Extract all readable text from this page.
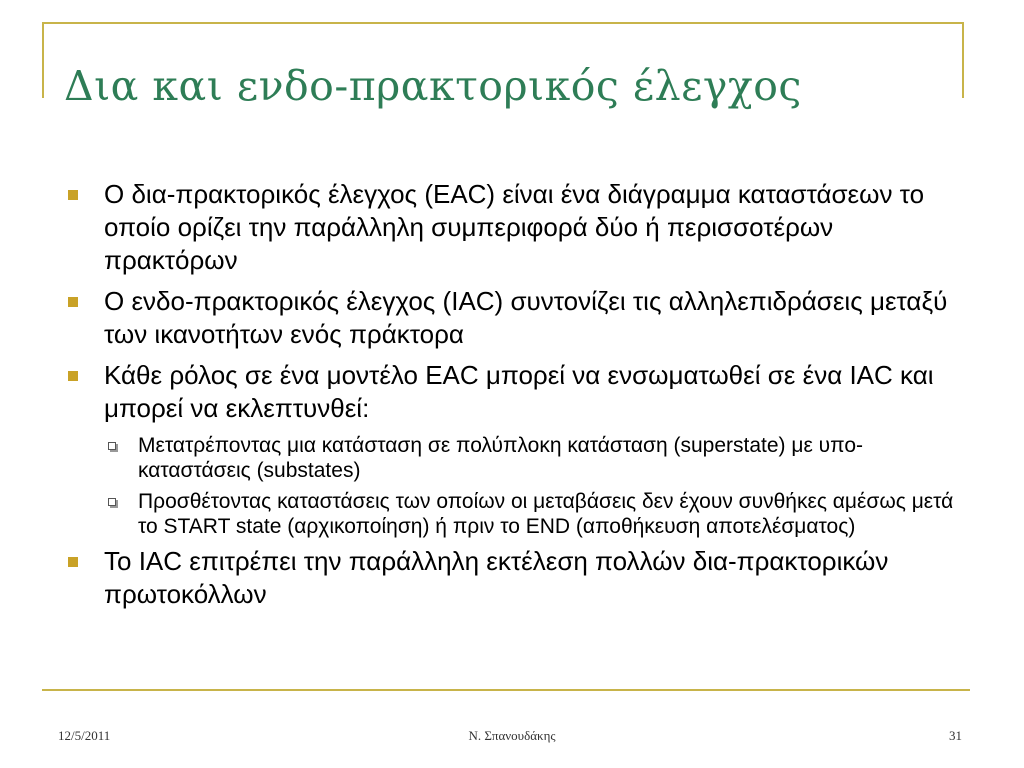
Δια και ενδο-πρακτορικός έλεγχος
Ο δια-πρακτορικός έλεγχος (EAC) είναι ένα διάγραμμα καταστάσεων το οποίο ορίζει την παράλληλη συμπεριφορά δύο ή περισσοτέρων πρακτόρων
Ο ενδο-πρακτορικός έλεγχος (IAC) συντονίζει τις αλληλεπιδράσεις μεταξύ των ικανοτήτων ενός πράκτορα
Κάθε ρόλος σε ένα μοντέλο EAC μπορεί να ενσωματωθεί σε ένα IAC και μπορεί να εκλεπτυνθεί:
Μετατρέποντας μια κατάσταση σε πολύπλοκη κατάσταση (superstate) με υπο-καταστάσεις (substates)
Προσθέτοντας καταστάσεις των οποίων οι μεταβάσεις δεν έχουν συνθήκες αμέσως μετά το START state (αρχικοποίηση) ή πριν το END (αποθήκευση αποτελέσματος)
Το IAC επιτρέπει την παράλληλη εκτέλεση πολλών δια-πρακτορικών πρωτοκόλλων
12/5/2011	Ν. Σπανουδάκης	31
